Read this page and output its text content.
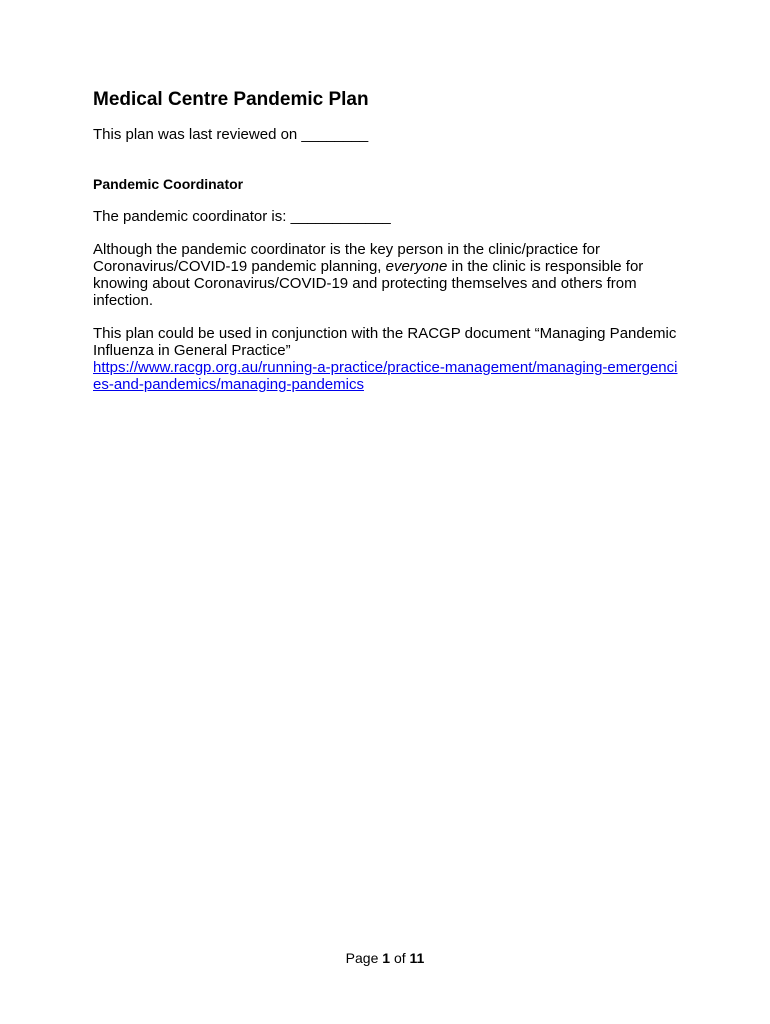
Medical Centre Pandemic Plan

This plan was last reviewed on ________

Pandemic Coordinator

The pandemic coordinator is: ____________

Although the pandemic coordinator is the key person in the clinic/practice for Coronavirus/COVID-19 pandemic planning, everyone in the clinic is responsible for knowing about Coronavirus/COVID-19 and protecting themselves and others from infection.

This plan could be used in conjunction with the RACGP document “Managing Pandemic Influenza in General Practice”
https://www.racgp.org.au/running-a-practice/practice-management/managing-emergencies-and-pandemics/managing-pandemics

Page 1 of 11
